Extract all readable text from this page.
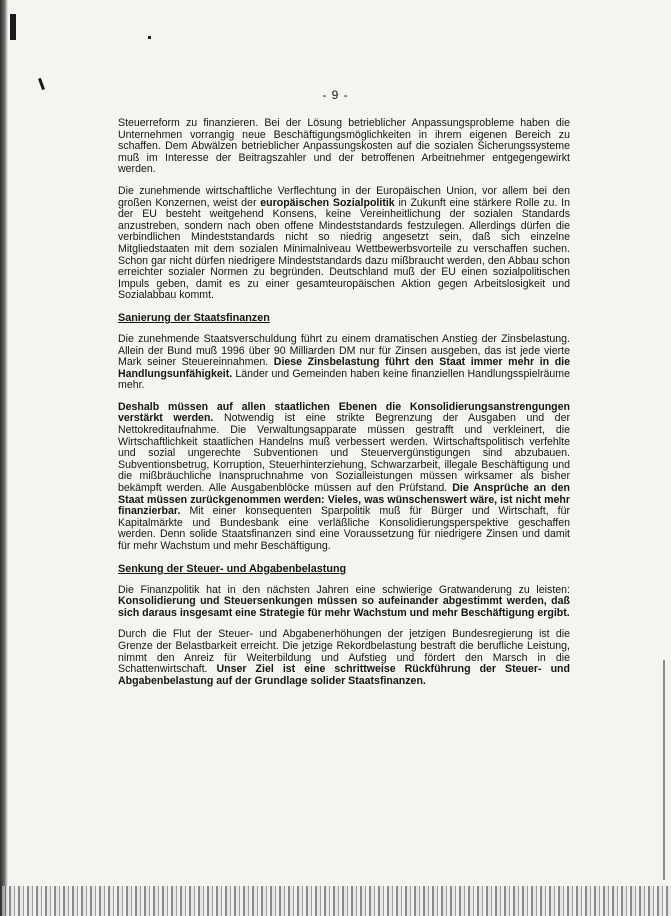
- 9 -

Steuerreform zu finanzieren. Bei der Lösung betrieblicher Anpassungsprobleme haben die Unternehmen vorrangig neue Beschäftigungsmöglichkeiten in ihrem eigenen Bereich zu schaffen. Dem Abwälzen betrieblicher Anpassungskosten auf die sozialen Sicherungssysteme muß im Interesse der Beitragszahler und der betroffenen Arbeitnehmer entgegengewirkt werden.

Die zunehmende wirtschaftliche Verflechtung in der Europäischen Union, vor allem bei den großen Konzernen, weist der europäischen Sozialpolitik in Zukunft eine stärkere Rolle zu. In der EU besteht weitgehend Konsens, keine Vereinheitlichung der sozialen Standards anzustreben, sondern nach oben offene Mindeststandards festzulegen. Allerdings dürfen die verbindlichen Mindeststandards nicht so niedrig angesetzt sein, daß sich einzelne Mitgliedstaaten mit dem sozialen Minimalniveau Wettbewerbsvorteile zu verschaffen suchen. Schon gar nicht dürfen niedrigere Mindeststandards dazu mißbraucht werden, den Abbau schon erreichter sozialer Normen zu begründen. Deutschland muß der EU einen sozialpolitischen Impuls geben, damit es zu einer gesamteuropäischen Aktion gegen Arbeitslosigkeit und Sozialabbau kommt.

Sanierung der Staatsfinanzen

Die zunehmende Staatsverschuldung führt zu einem dramatischen Anstieg der Zinsbelastung. Allein der Bund muß 1996 über 90 Milliarden DM nur für Zinsen ausgeben, das ist jede vierte Mark seiner Steuereinnahmen. Diese Zinsbelastung führt den Staat immer mehr in die Handlungsunfähigkeit. Länder und Gemeinden haben keine finanziellen Handlungsspielräume mehr.

Deshalb müssen auf allen staatlichen Ebenen die Konsolidierungsanstrengungen verstärkt werden. Notwendig ist eine strikte Begrenzung der Ausgaben und der Nettokreditaufnahme. Die Verwaltungsapparate müssen gestrafft und verkleinert, die Wirtschaftlichkeit staatlichen Handelns muß verbessert werden. Wirtschaftspolitisch verfehlte und sozial ungerechte Subventionen und Steuervergünstigungen sind abzubauen. Subventionsbetrug, Korruption, Steuerhinterziehung, Schwarzarbeit, illegale Beschäftigung und die mißbräuchliche Inanspruchnahme von Sozialleistungen müssen wirksamer als bisher bekämpft werden. Alle Ausgabenblöcke müssen auf den Prüfstand. Die Ansprüche an den Staat müssen zurückgenommen werden: Vieles, was wünschenswert wäre, ist nicht mehr finanzierbar. Mit einer konsequenten Sparpolitik muß für Bürger und Wirtschaft, für Kapitalmärkte und Bundesbank eine verläßliche Konsolidierungsperspektive geschaffen werden. Denn solide Staatsfinanzen sind eine Voraussetzung für niedrigere Zinsen und damit für mehr Wachstum und mehr Beschäftigung.

Senkung der Steuer- und Abgabenbelastung

Die Finanzpolitik hat in den nächsten Jahren eine schwierige Gratwanderung zu leisten: Konsolidierung und Steuersenkungen müssen so aufeinander abgestimmt werden, daß sich daraus insgesamt eine Strategie für mehr Wachstum und mehr Beschäftigung ergibt.

Durch die Flut der Steuer- und Abgabenerhöhungen der jetzigen Bundesregierung ist die Grenze der Belastbarkeit erreicht. Die jetzige Rekordbelastung bestraft die berufliche Leistung, nimmt den Anreiz für Weiterbildung und Aufstieg und fördert den Marsch in die Schattenwirtschaft. Unser Ziel ist eine schrittweise Rückführung der Steuer- und Abgabenbelastung auf der Grundlage solider Staatsfinanzen.
